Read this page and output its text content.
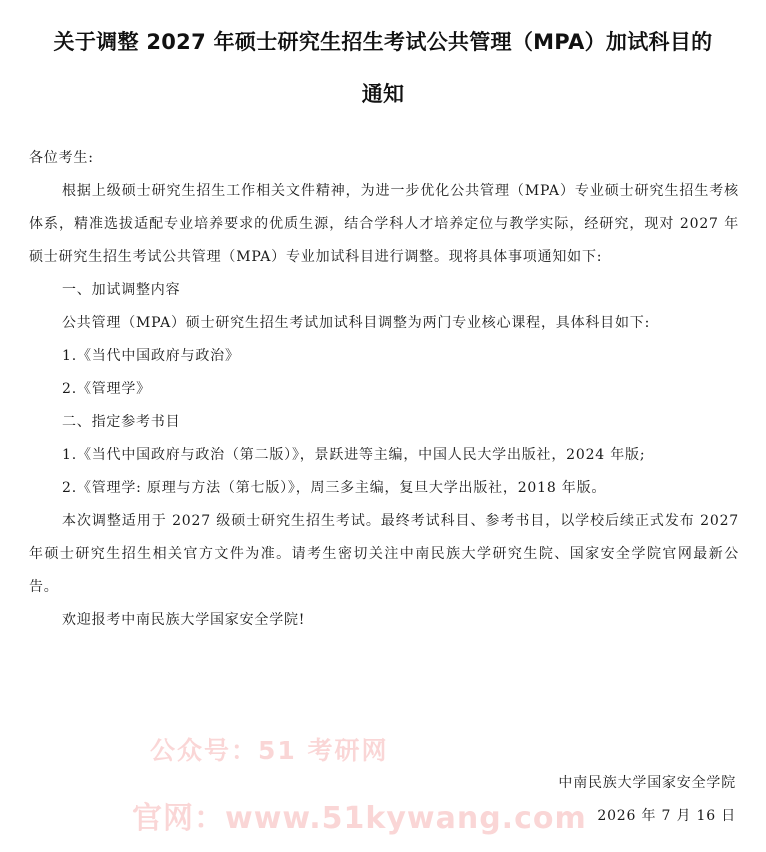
关于调整 2027 年硕士研究生招生考试公共管理（MPA）加试科目的
通知

各位考生:

根据上级硕士研究生招生工作相关文件精神，为进一步优化公共管理（MPA）专业硕士研究生招生考核体系，精准选拔适配专业培养要求的优质生源，结合学科人才培养定位与教学实际，经研究，现对 2027 年硕士研究生招生考试公共管理（MPA）专业加试科目进行调整。现将具体事项通知如下:

一、加试调整内容

公共管理（MPA）硕士研究生招生考试加试科目调整为两门专业核心课程，具体科目如下:

1.《当代中国政府与政治》

2.《管理学》

二、指定参考书目

1.《当代中国政府与政治（第二版）》，景跃进等主编，中国人民大学出版社，2024 年版;

2.《管理学: 原理与方法（第七版）》，周三多主编，复旦大学出版社，2018 年版。

本次调整适用于 2027 级硕士研究生招生考试。最终考试科目、参考书目，以学校后续正式发布 2027 年硕士研究生招生相关官方文件为准。请考生密切关注中南民族大学研究生院、国家安全学院官网最新公告。

欢迎报考中南民族大学国家安全学院!

公众号：51 考研网
官网：www.51kywang.com
中南民族大学国家安全学院
2026 年 7 月 16 日
